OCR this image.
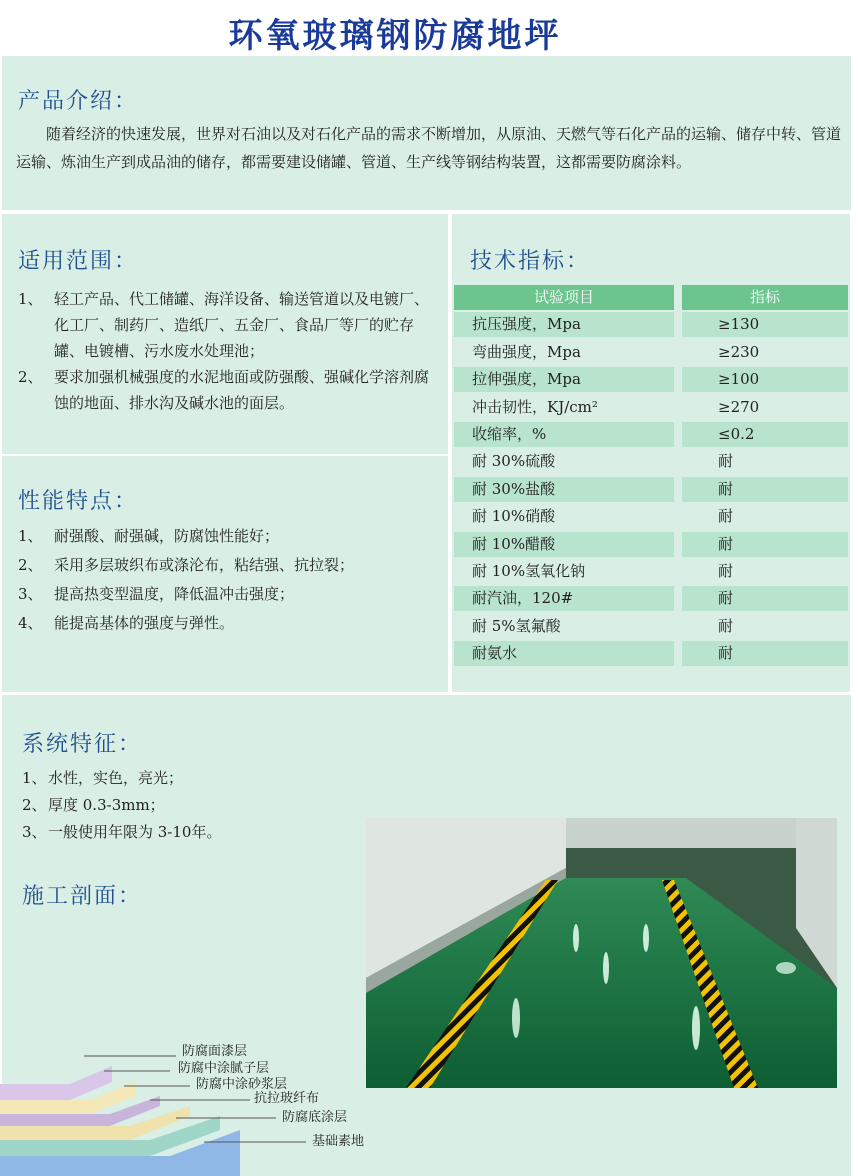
环氧玻璃钢防腐地坪
产品介绍：
随着经济的快速发展，世界对石油以及对石化产品的需求不断增加，从原油、天燃气等石化产品的运输、储存中转、管道运输、炼油生产到成品油的储存，都需要建设储罐、管道、生产线等钢结构装置，这都需要防腐涂料。
适用范围：
1、 轻工产品、代工储罐、海洋设备、输送管道以及电镀厂、化工厂、制药厂、造纸厂、五金厂、食品厂等厂的贮存罐、电镀槽、污水废水处理池；
2、 要求加强机械强度的水泥地面或防强酸、强碱化学溶剂腐蚀的地面、排水沟及碱水池的面层。
性能特点：
1、 耐强酸、耐强碱，防腐蚀性能好；
2、 采用多层玻织布或涤沦布，粘结强、抗拉裂；
3、 提高热变型温度，降低温冲击强度；
4、 能提高基体的强度与弹性。
技术指标：
试验项目	指标
抗压强度，Mpa	≥130
弯曲强度，Mpa	≥230
拉伸强度，Mpa	≥100
冲击韧性，KJ/cm²	≥270
收缩率，%	≤0.2
耐 30%硫酸	耐
耐 30%盐酸	耐
耐 10%硝酸	耐
耐 10%醋酸	耐
耐 10%氢氧化钠	耐
耐汽油，120#	耐
耐 5%氢氟酸	耐
耐氨水	耐
系统特征：
1、 水性，实色，亮光；
2、 厚度 0.3-3mm；
3、 一般使用年限为 3-10年。
施工剖面：
防腐面漆层
防腐中涂腻子层
防腐中涂砂浆层
抗拉玻纤布
防腐底涂层
基础素地
